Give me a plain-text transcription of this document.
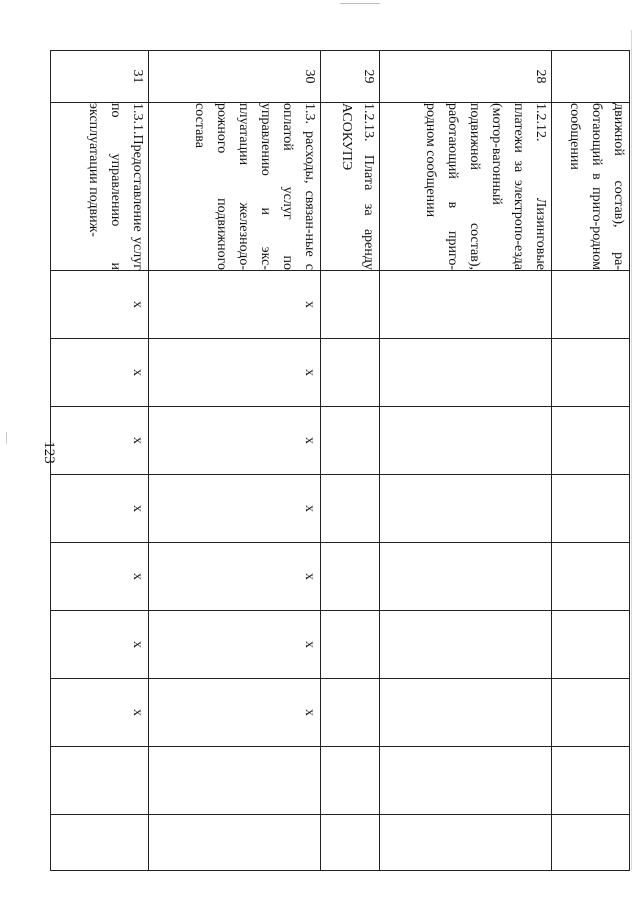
123

	движной состав), ра-ботающий в приго-родном сообщении									

28	1.2.12. Лизинговые платежи за электропо-езда (мотор-вагонный подвижной состав), работающий в приго-родном сообщении									

29	1.2.13. Плата за аренду АСОКУПЭ									

30	1.3. расходы, связан-ные с оплатой услуг по управлению и экс-плуатации железнодо-рожного подвижного состава	х	х	х	х	х	х	х		
31	1.3.1.Предоставление услуг по управлению и эксплуатации подвиж-	х	х	х	х	х	х	х		
